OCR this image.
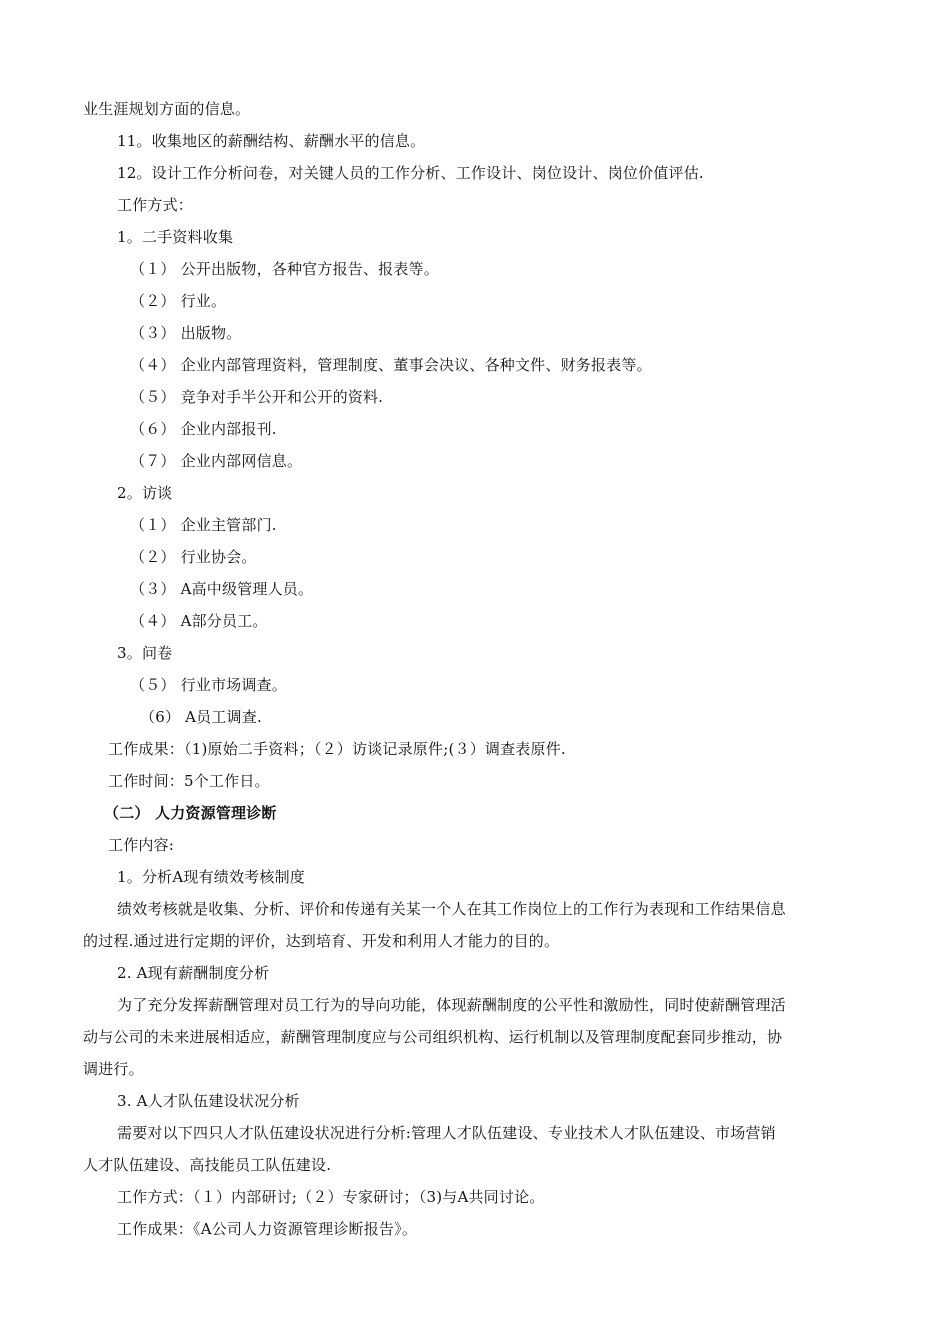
业生涯规划方面的信息。
11。收集地区的薪酬结构、薪酬水平的信息。
12。设计工作分析问卷，对关键人员的工作分析、工作设计、岗位设计、岗位价值评估.
工作方式：
1。二手资料收集
（１） 公开出版物，各种官方报告、报表等。
（２） 行业。
（３） 出版物。
（４） 企业内部管理资料，管理制度、董事会决议、各种文件、财务报表等。
（５） 竞争对手半公开和公开的资料.
（６） 企业内部报刊.
（７） 企业内部网信息。
2。访谈
（１） 企业主管部门.
（２） 行业协会。
（３） A高中级管理人员。
（４） A部分员工。
3。问卷
（５） 行业市场调查。
（6） A员工调查.
工作成果：（1)原始二手资料；（２）访谈记录原件;(３）调查表原件.
工作时间：5个工作日。
（二） 人力资源管理诊断
工作内容:
1。分析A现有绩效考核制度
绩效考核就是收集、分析、评价和传递有关某一个人在其工作岗位上的工作行为表现和工作结果信息
的过程.通过进行定期的评价，达到培育、开发和利用人才能力的目的。
2. A现有薪酬制度分析
为了充分发挥薪酬管理对员工行为的导向功能，体现薪酬制度的公平性和激励性，同时使薪酬管理活
动与公司的未来进展相适应，薪酬管理制度应与公司组织机构、运行机制以及管理制度配套同步推动，协
调进行。
3. A人才队伍建设状况分析
需要对以下四只人才队伍建设状况进行分析:管理人才队伍建设、专业技术人才队伍建设、市场营销
人才队伍建设、高技能员工队伍建设.
工作方式：（１）内部研讨;（２）专家研讨；（3)与A共同讨论。
工作成果：《A公司人力资源管理诊断报告》。
